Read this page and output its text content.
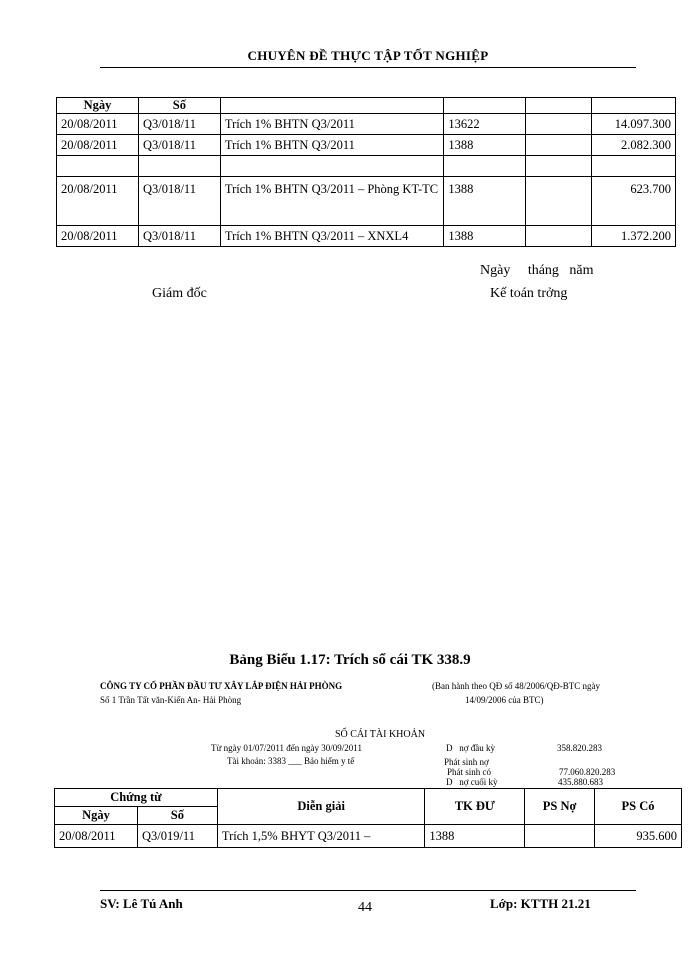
CHUYÊN ĐỀ THỰC TẬP TỐT NGHIỆP
Ngày	Số				
20/08/2011	Q3/018/11	Trích 1% BHTN Q3/2011	13622		14.097.300
20/08/2011	Q3/018/11	Trích 1% BHTN Q3/2011	1388		2.082.300

20/08/2011	Q3/018/11	Trích 1% BHTN Q3/2011 – Phòng KT-TC	1388		623.700
20/08/2011	Q3/018/11	Trích 1% BHTN Q3/2011 – XNXL4	1388		1.372.200
Ngày     tháng   năm
Giám đốc	Kế toán trởng
Bảng Biểu 1.17: Trích sổ cái TK 338.9
CÔNG TY CỔ PHẦN ĐẦU TƯ XÂY LẮP ĐIỆN HẢI PHÒNG
Số 1 Trần Tất văn-Kiến An- Hải Phòng
(Ban hành theo QĐ số 48/2006/QĐ-BTC ngày
14/09/2006 của BTC)
SỔ CÁI TÀI KHOẢN
Từ ngày 01/07/2011 đến ngày 30/09/2011
Tài khoản: 3383 ___ Bảo hiểm y tế
D   nợ đầu kỳ	358.820.283
Phát sinh nợ
Phát sinh có	77.060.820.283
D   nợ cuối kỳ	435.880.683
Chứng từ		Diễn giải	TK ĐƯ	PS Nợ	PS Có
Ngày	Số				
20/08/2011	Q3/019/11	Trích 1,5% BHYT Q3/2011 –	1388		935.600
SV: Lê Tú Anh	44	Lớp: KTTH 21.21
